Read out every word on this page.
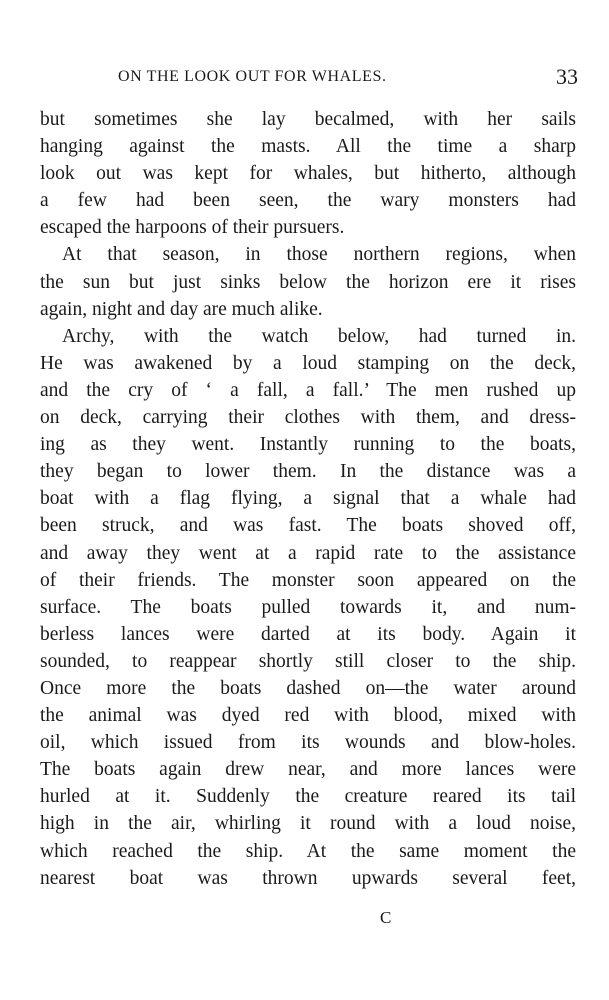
ON THE LOOK OUT FOR WHALES.	33
but sometimes she lay becalmed, with her sails
hanging against the masts. All the time a sharp
look out was kept for whales, but hitherto, although
a few had been seen, the wary monsters had
escaped the harpoons of their pursuers.
At that season, in those northern regions, when
the sun but just sinks below the horizon ere it rises
again, night and day are much alike.
Archy, with the watch below, had turned in.
He was awakened by a loud stamping on the deck,
and the cry of ‘ a fall, a fall.’ The men rushed up
on deck, carrying their clothes with them, and dress-
ing as they went. Instantly running to the boats,
they began to lower them. In the distance was a
boat with a flag flying, a signal that a whale had
been struck, and was fast. The boats shoved off,
and away they went at a rapid rate to the assistance
of their friends. The monster soon appeared on the
surface. The boats pulled towards it, and num-
berless lances were darted at its body. Again it
sounded, to reappear shortly still closer to the ship.
Once more the boats dashed on—the water around
the animal was dyed red with blood, mixed with
oil, which issued from its wounds and blow-holes.
The boats again drew near, and more lances were
hurled at it. Suddenly the creature reared its tail
high in the air, whirling it round with a loud noise,
which reached the ship. At the same moment the
nearest boat was thrown upwards several feet,
C
